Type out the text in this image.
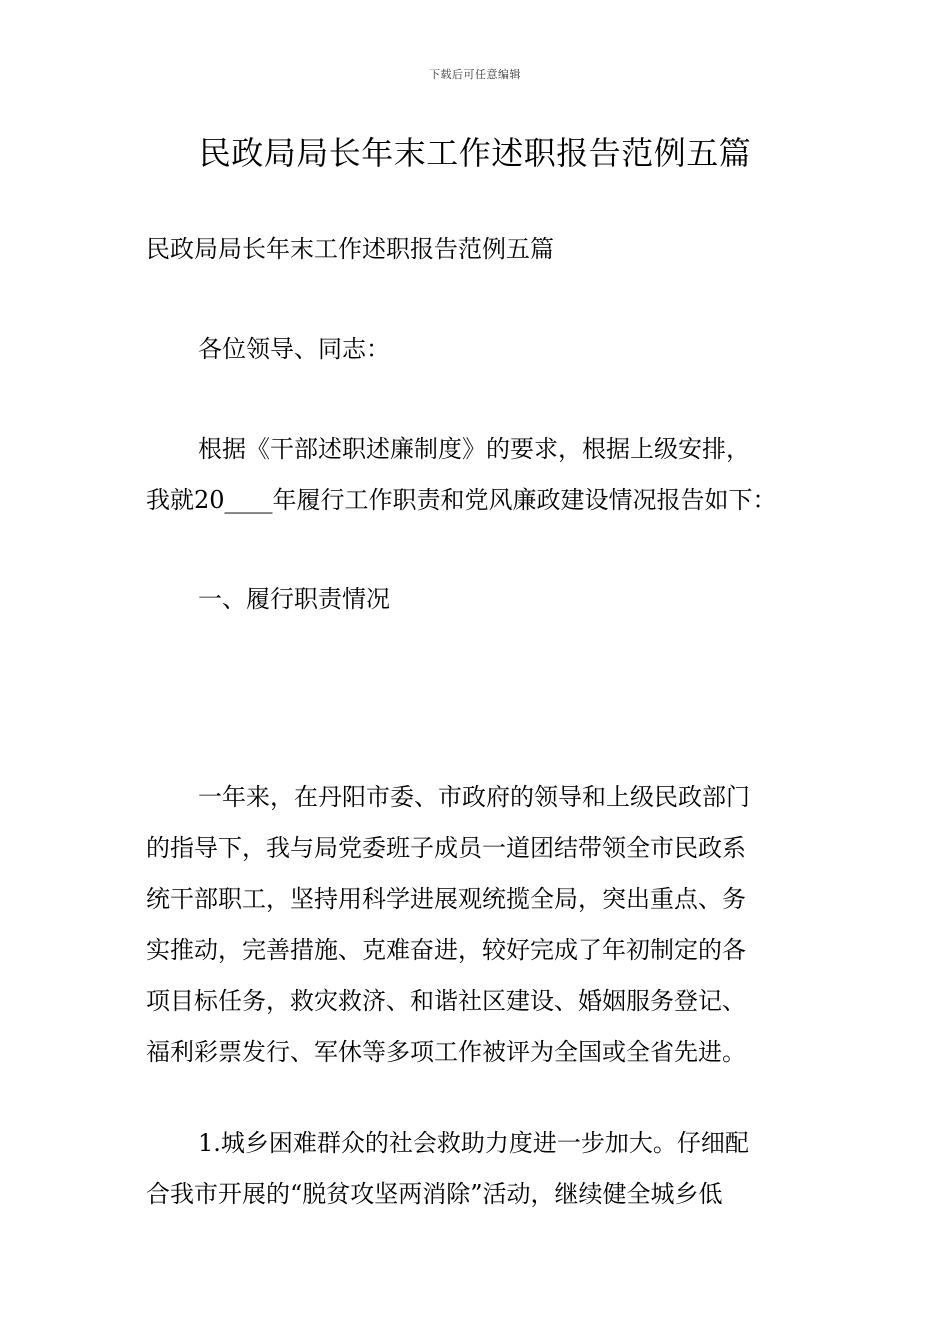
下载后可任意编辑
民政局局长年末工作述职报告范例五篇

民政局局长年末工作述职报告范例五篇

各位领导、同志：

根据《干部述职述廉制度》的要求，根据上级安排，
我就20____年履行工作职责和党风廉政建设情况报告如下：

一、履行职责情况

一年来，在丹阳市委、市政府的领导和上级民政部门
的指导下，我与局党委班子成员一道团结带领全市民政系
统干部职工，坚持用科学进展观统揽全局，突出重点、务
实推动，完善措施、克难奋进，较好完成了年初制定的各
项目标任务，救灾救济、和谐社区建设、婚姻服务登记、
福利彩票发行、军休等多项工作被评为全国或全省先进。
1.城乡困难群众的社会救助力度进一步加大。仔细配
合我市开展的“脱贫攻坚两消除”活动，继续健全城乡低
